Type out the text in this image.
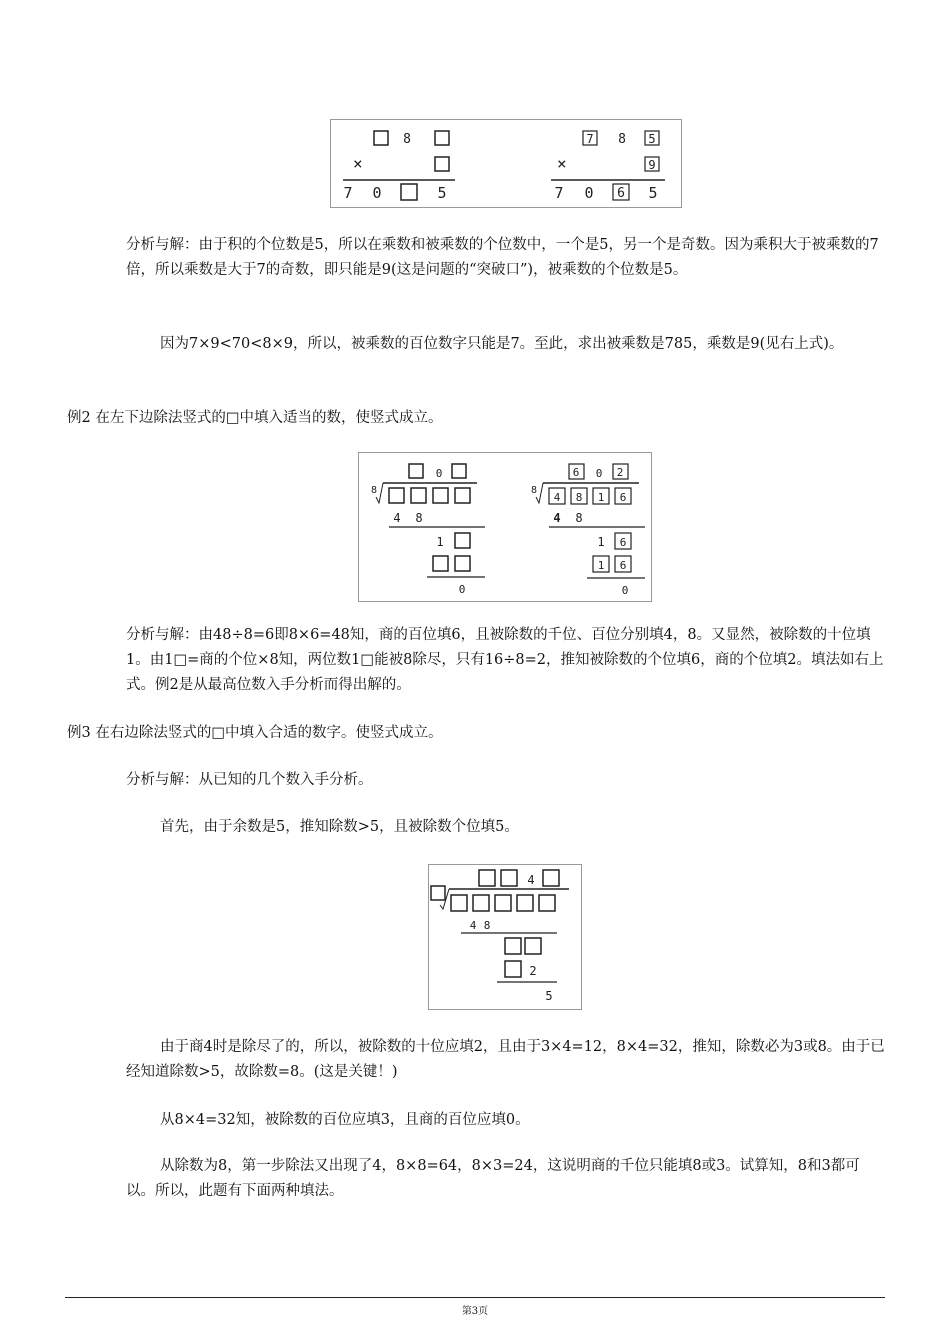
8
×
7 0	5
7 8 5
×	9
7 0 6 5

分析与解：由于积的个位数是5，所以在乘数和被乘数的个位数中，一个是5，另一个是奇数。因为乘积大于被乘数的7倍，所以乘数是大于7的奇数，即只能是9(这是问题的“突破口”)，被乘数的个位数是5。

因为7×9<70<8×9，所以，被乘数的百位数字只能是7。至此，求出被乘数是785，乘数是9(见右上式)。

例2 在左下边除法竖式的□中填入适当的数，使竖式成立。

0
8
4 8
1
0
6 0 2
8
4 8 1 6
4 8
1 6
1 6
0

分析与解：由48÷8=6即8×6=48知，商的百位填6，且被除数的千位、百位分别填4，8。又显然，被除数的十位填1。由1□=商的个位×8知，两位数1□能被8除尽，只有16÷8=2，推知被除数的个位填6，商的个位填2。填法如右上式。例2是从最高位数入手分析而得出解的。

例3 在右边除法竖式的□中填入合适的数字。使竖式成立。

分析与解：从已知的几个数入手分析。

首先，由于余数是5，推知除数>5，且被除数个位填5。

4
4 8
2
5

由于商4时是除尽了的，所以，被除数的十位应填2，且由于3×4=12，8×4=32，推知，除数必为3或8。由于已经知道除数>5，故除数=8。(这是关键！)

从8×4=32知，被除数的百位应填3，且商的百位应填0。

从除数为8，第一步除法又出现了4，8×8=64，8×3=24，这说明商的千位只能填8或3。试算知，8和3都可以。所以，此题有下面两种填法。

第3页
